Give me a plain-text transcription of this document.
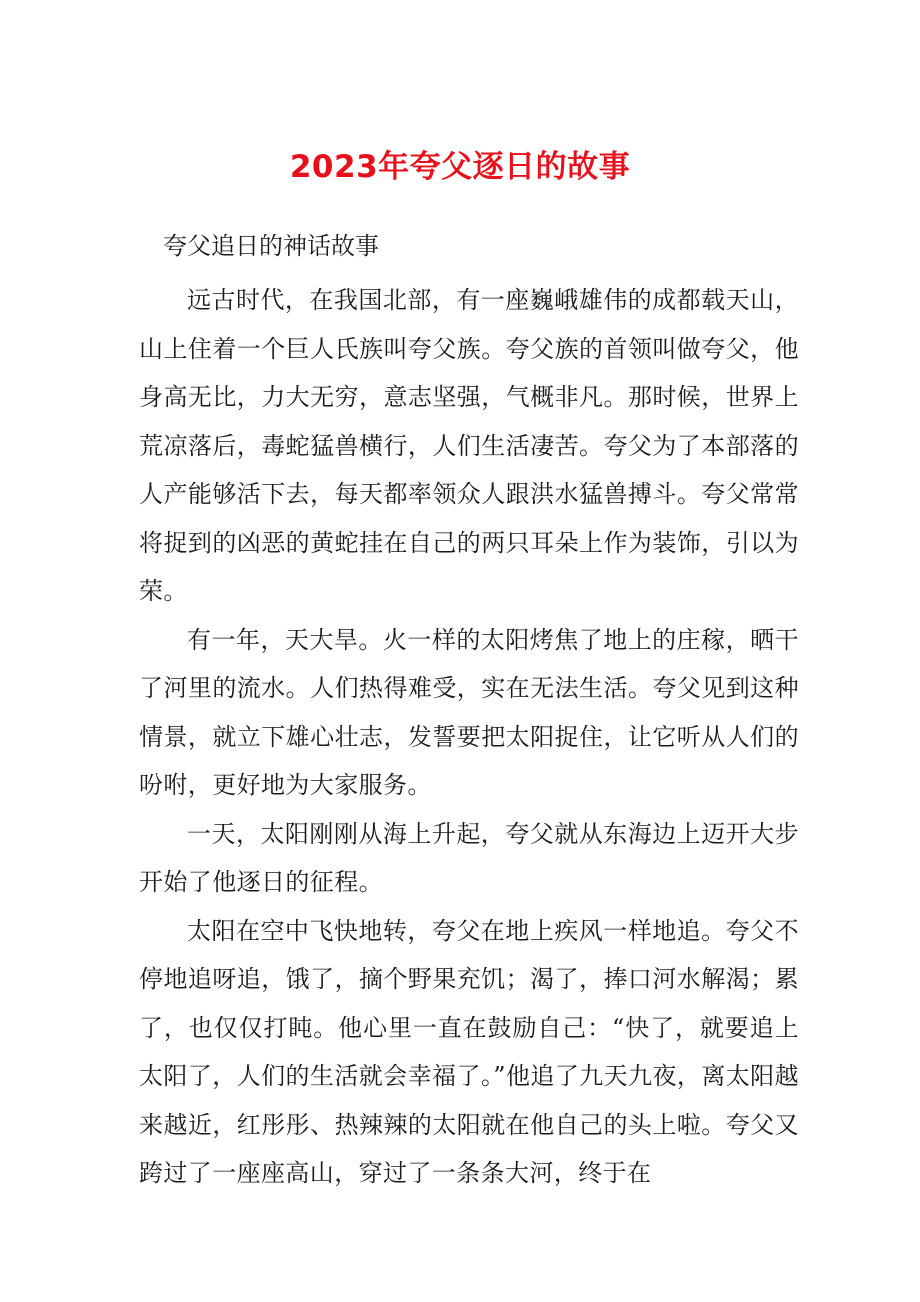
2023年夸父逐日的故事

夸父追日的神话故事

远古时代，在我国北部，有一座巍峨雄伟的成都载天山，山上住着一个巨人氏族叫夸父族。夸父族的首领叫做夸父，他身高无比，力大无穷，意志坚强，气概非凡。那时候，世界上荒凉落后，毒蛇猛兽横行，人们生活凄苦。夸父为了本部落的人产能够活下去，每天都率领众人跟洪水猛兽搏斗。夸父常常将捉到的凶恶的黄蛇挂在自己的两只耳朵上作为装饰，引以为荣。

有一年，天大旱。火一样的太阳烤焦了地上的庄稼，晒干了河里的流水。人们热得难受，实在无法生活。夸父见到这种情景，就立下雄心壮志，发誓要把太阳捉住，让它听从人们的吩咐，更好地为大家服务。

一天，太阳刚刚从海上升起，夸父就从东海边上迈开大步开始了他逐日的征程。

太阳在空中飞快地转，夸父在地上疾风一样地追。夸父不停地追呀追，饿了，摘个野果充饥；渴了，捧口河水解渴；累了，也仅仅打盹。他心里一直在鼓励自己：“快了，就要追上太阳了，人们的生活就会幸福了。”他追了九天九夜，离太阳越来越近，红彤彤、热辣辣的太阳就在他自己的头上啦。夸父又跨过了一座座高山，穿过了一条条大河，终于在
